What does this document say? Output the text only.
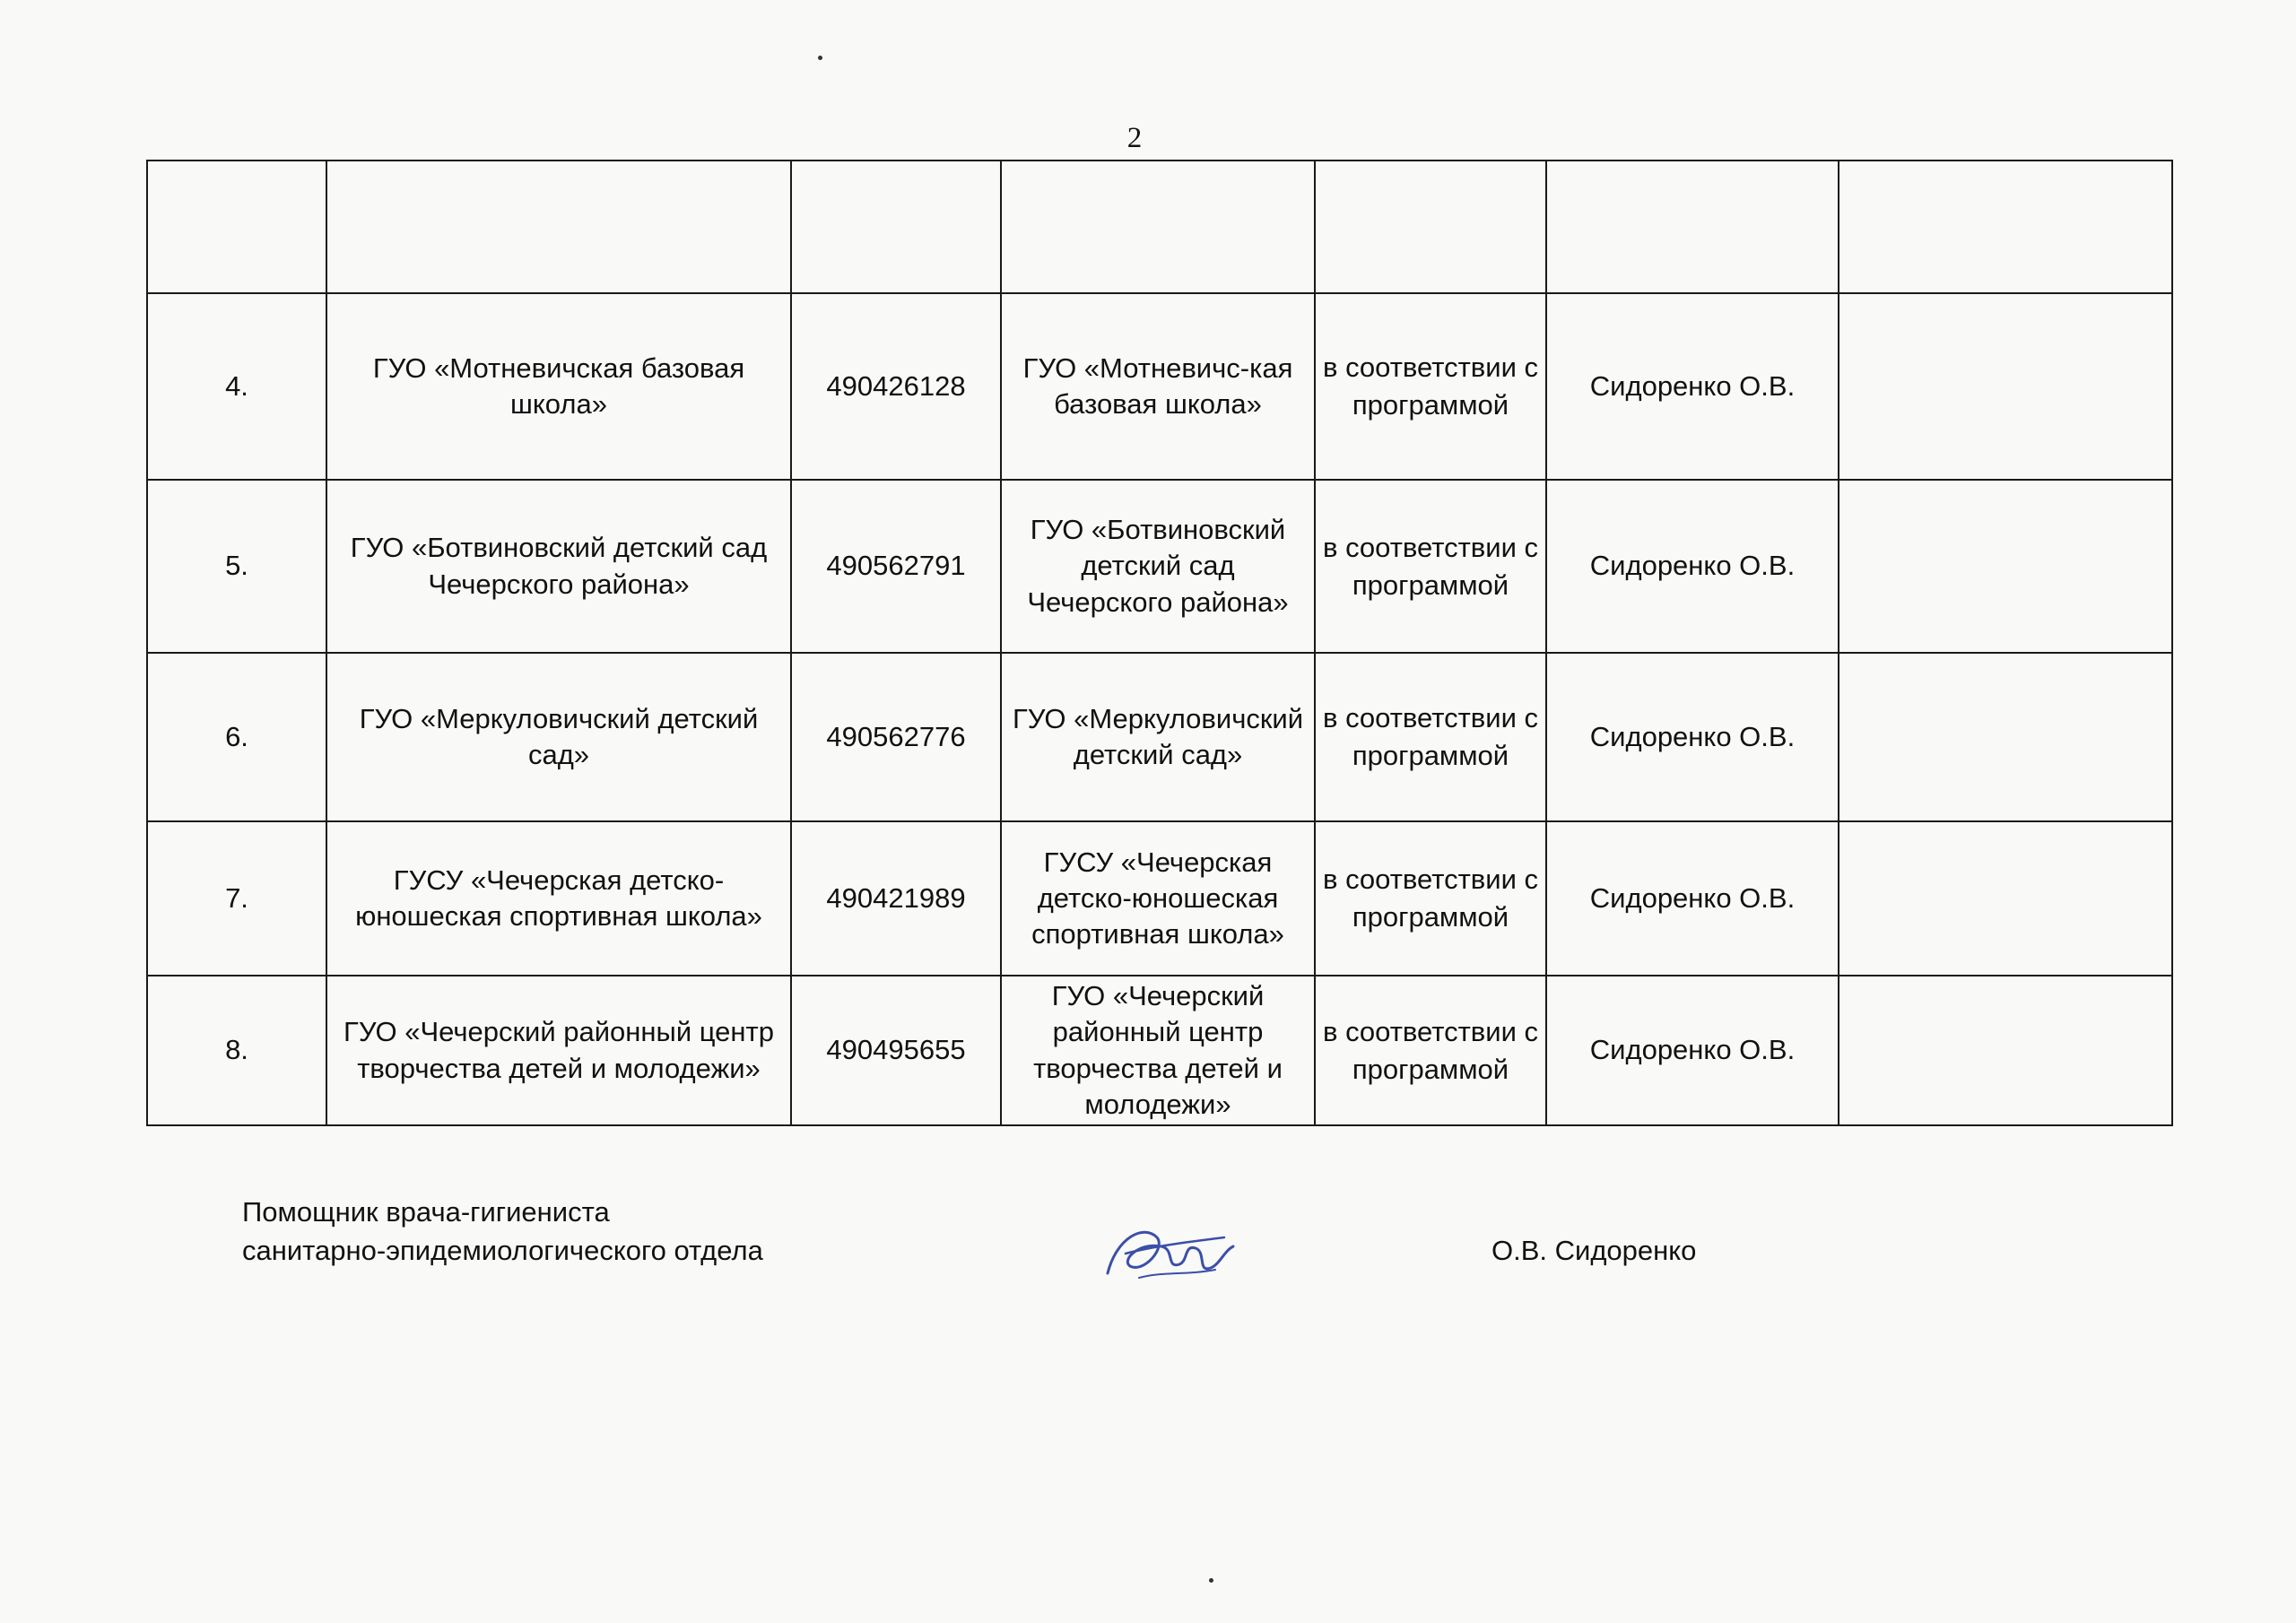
2

4.	ГУО «Мотневичская базовая школа»	490426128	ГУО «Мотневичс-кая базовая школа»	в соответствии с программой	Сидоренко О.В.	
5.	ГУО «Ботвиновский детский сад Чечерского района»	490562791	ГУО «Ботвиновский детский сад Чечерского района»	в соответствии с программой	Сидоренко О.В.	
6.	ГУО «Меркуловичский детский сад»	490562776	ГУО «Меркуловичский детский сад»	в соответствии с программой	Сидоренко О.В.	
7.	ГУСУ «Чечерская детско-юношеская спортивная школа»	490421989	ГУСУ «Чечерская детско-юношеская спортивная школа»	в соответствии с программой	Сидоренко О.В.	
8.	ГУО «Чечерский районный центр творчества детей и молодежи»	490495655	ГУО «Чечерский районный центр творчества детей и молодежи»	в соответствии с программой	Сидоренко О.В.	
Помощник врача-гигиениста
санитарно-эпидемиологического отдела	О.В. Сидоренко
